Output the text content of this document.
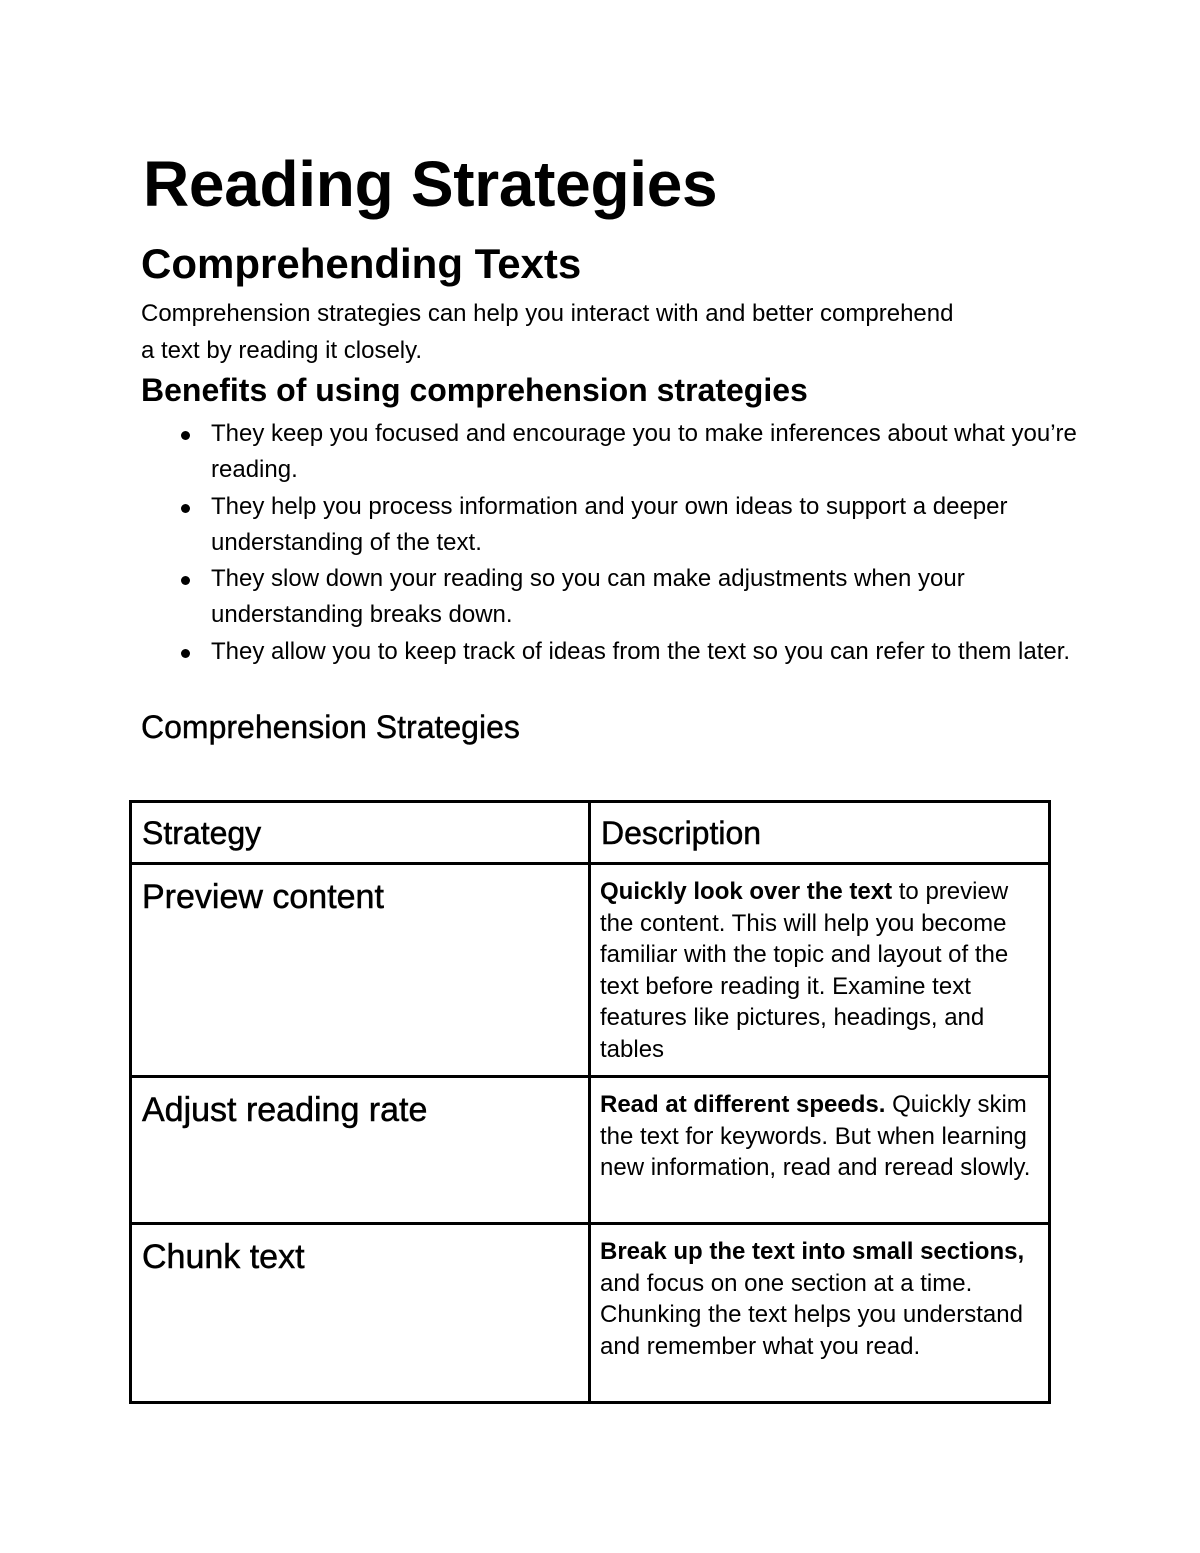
Reading Strategies
Comprehending Texts

Comprehension strategies can help you interact with and better comprehend a text by reading it closely.

Benefits of using comprehension strategies
They keep you focused and encourage you to make inferences about what you’re reading.
They help you process information and your own ideas to support a deeper understanding of the text.
They slow down your reading so you can make adjustments when your understanding breaks down.
They allow you to keep track of ideas from the text so you can refer to them later.
Comprehension Strategies
Strategy	Description

Preview content	Quickly look over the text to preview the content. This will help you become familiar with the topic and layout of the text before reading it. Examine text features like pictures, headings, and tables

Adjust reading rate	Read at different speeds. Quickly skim the text for keywords. But when learning new information, read and reread slowly.

Chunk text	Break up the text into small sections, and focus on one section at a time. Chunking the text helps you understand and remember what you read.
